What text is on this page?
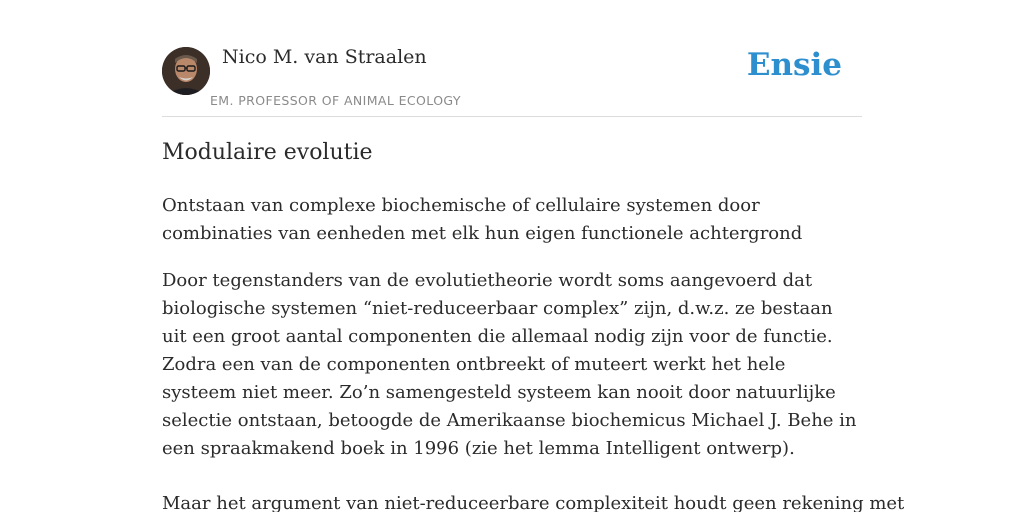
Nico M. van Straalen
EM. PROFESSOR OF ANIMAL ECOLOGY
Ensie
Modulaire evolutie

Ontstaan van complexe biochemische of cellulaire systemen door combinaties van eenheden met elk hun eigen functionele achtergrond

Door tegenstanders van de evolutietheorie wordt soms aangevoerd dat biologische systemen “niet-reduceerbaar complex” zijn, d.w.z. ze bestaan uit een groot aantal componenten die allemaal nodig zijn voor de functie. Zodra een van de componenten ontbreekt of muteert werkt het hele systeem niet meer. Zo’n samengesteld systeem kan nooit door natuurlijke selectie ontstaan, betoogde de Amerikaanse biochemicus Michael J. Behe in een spraakmakend boek in 1996 (zie het lemma Intelligent ontwerp).

Maar het argument van niet-reduceerbare complexiteit houdt geen rekening met
